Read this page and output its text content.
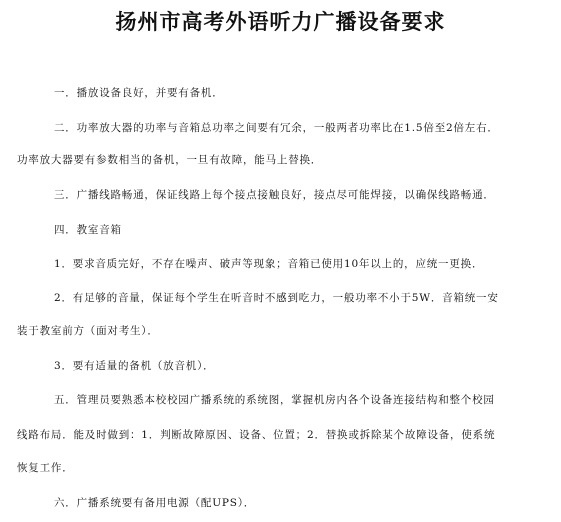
扬州市高考外语听力广播设备要求
一．播放设备良好，并要有备机．
二．功率放大器的功率与音箱总功率之间要有冗余，一般两者功率比在1.5倍至2倍左右．
功率放大器要有参数相当的备机，一旦有故障，能马上替换．
三．广播线路畅通，保证线路上每个接点接触良好，接点尽可能焊接，以确保线路畅通．
四．教室音箱
1．要求音质完好，不存在噪声、破声等现象；音箱已使用10年以上的，应统一更换．
2．有足够的音量，保证每个学生在听音时不感到吃力，一般功率不小于5W．音箱统一安
装于教室前方（面对考生）．
3．要有适量的备机（放音机）．
五．管理员要熟悉本校校园广播系统的系统图，掌握机房内各个设备连接结构和整个校园
线路布局．能及时做到：1．判断故障原因、设备、位置；2．替换或拆除某个故障设备，使系统
恢复工作．
六．广播系统要有备用电源（配UPS）．
